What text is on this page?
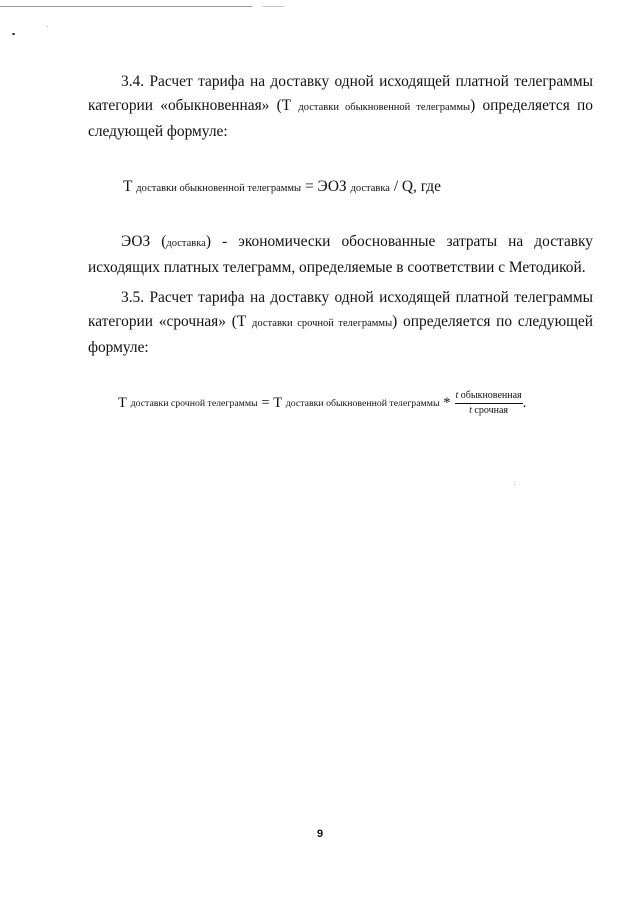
3.4. Расчет тарифа на доставку одной исходящей платной телеграммы категории «обыкновенная» (Т доставки обыкновенной телеграммы) определяется по следующей формуле:

Т доставки обыкновенной телеграммы = ЭОЗ доставка / Q, где

ЭОЗ (доставка) - экономически обоснованные затраты на доставку исходящих платных телеграмм, определяемые в соответствии с Методикой.

3.5. Расчет тарифа на доставку одной исходящей платной телеграммы категории «срочная» (Т доставки срочной телеграммы) определяется по следующей формуле:

Т
доставки срочной телеграммы
= Т
доставки обыкновенной телеграммы
* $\frac{\text{t обыкновенная}}{\text{t срочная}}$ .
9
